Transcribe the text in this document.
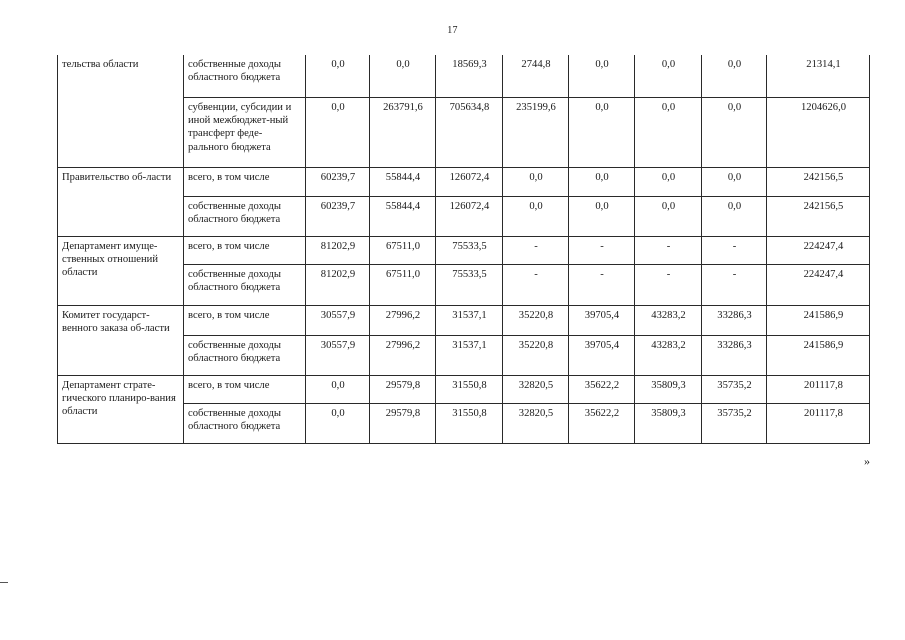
17
тельства области	собственные доходы областного бюджета	0,0	0,0	18569,3	2744,8	0,0	0,0	0,0	21314,1
	субвенции, субсидии и иной межбюджет-ный трансферт феде-рального бюджета	0,0	263791,6	705634,8	235199,6	0,0	0,0	0,0	1204626,0
Правительство об-ласти	всего, в том числе	60239,7	55844,4	126072,4	0,0	0,0	0,0	0,0	242156,5
	собственные доходы областного бюджета	60239,7	55844,4	126072,4	0,0	0,0	0,0	0,0	242156,5
Департамент имуще-ственных отношений области	всего, в том числе	81202,9	67511,0	75533,5	-	-	-	-	224247,4
	собственные доходы областного бюджета	81202,9	67511,0	75533,5	-	-	-	-	224247,4
Комитет государст-венного заказа об-ласти	всего, в том числе	30557,9	27996,2	31537,1	35220,8	39705,4	43283,2	33286,3	241586,9
	собственные доходы областного бюджета	30557,9	27996,2	31537,1	35220,8	39705,4	43283,2	33286,3	241586,9
Департамент страте-гического планиро-вания области	всего, в том числе	0,0	29579,8	31550,8	32820,5	35622,2	35809,3	35735,2	201117,8
	собственные доходы областного бюджета	0,0	29579,8	31550,8	32820,5	35622,2	35809,3	35735,2	201117,8
»
